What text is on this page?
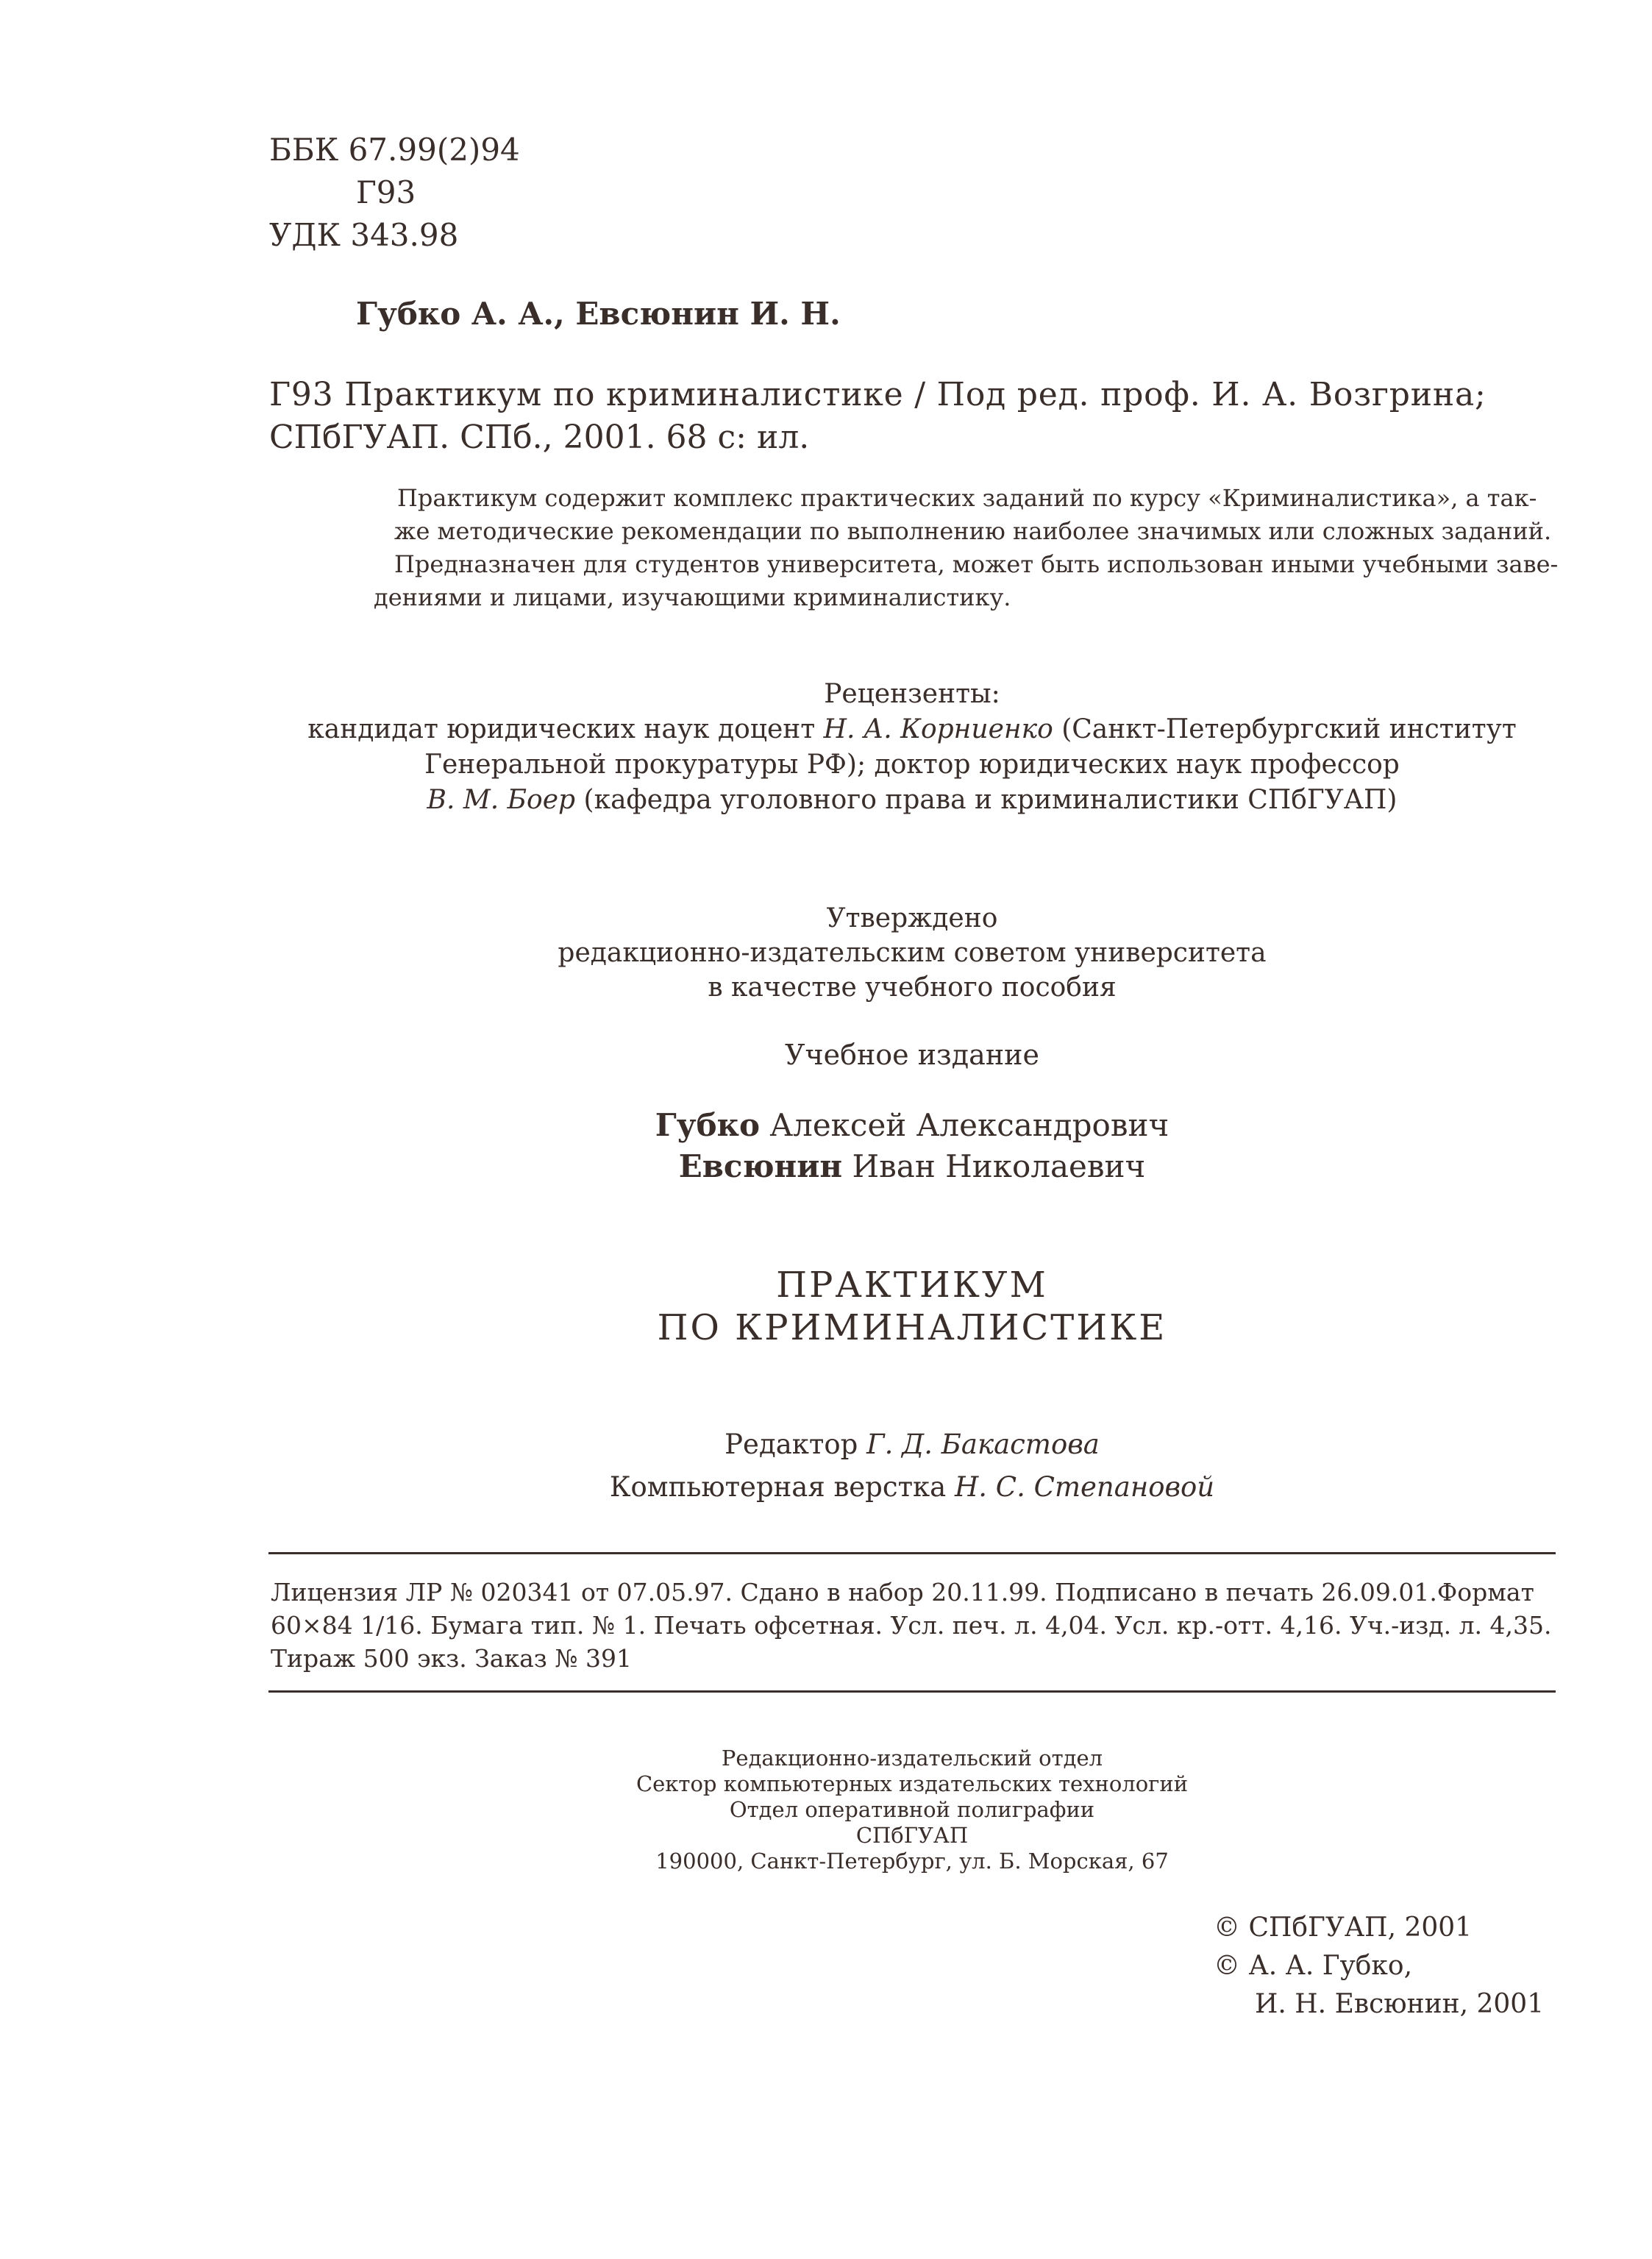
ББК 67.99(2)94
Г93
УДК 343.98
Губко А. А., Евсюнин И. Н.
Г93 Практикум по криминалистике / Под ред. проф. И. А. Возгрина;
СПбГУАП. СПб., 2001. 68 с: ил.

Практикум содержит комплекс практических заданий по курсу «Криминалистика», а так-

же методические рекомендации по выполнению наиболее значимых или сложных заданий.

Предназначен для студентов университета, может быть использован иными учебными заве-

дениями и лицами, изучающими криминалистику.

Рецензенты:

кандидат юридических наук доцент Н. А. Корниенко (Санкт-Петербургский институт

Генеральной прокуратуры РФ); доктор юридических наук профессор

В. М. Боер (кафедра уголовного права и криминалистики СПбГУАП)

Утверждено

редакционно-издательским советом университета

в качестве учебного пособия

Учебное издание

Губко Алексей Александрович

Евсюнин Иван Николаевич

ПРАКТИКУМ

ПО КРИМИНАЛИСТИКЕ

Редактор Г. Д. Бакастова

Компьютерная верстка Н. С. Степановой

Лицензия ЛР № 020341 от 07.05.97. Сдано в набор 20.11.99. Подписано в печать 26.09.01.Формат

60×84 1/16. Бумага тип. № 1. Печать офсетная. Усл. печ. л. 4,04. Усл. кр.-отт. 4,16. Уч.-изд. л. 4,35.

Тираж 500 экз. Заказ № 391

Редакционно-издательский отдел

Сектор компьютерных издательских технологий

Отдел оперативной полиграфии

СПбГУАП

190000, Санкт-Петербург, ул. Б. Морская, 67

© СПбГУАП, 2001

© А. А. Губко,

И. Н. Евсюнин, 2001
